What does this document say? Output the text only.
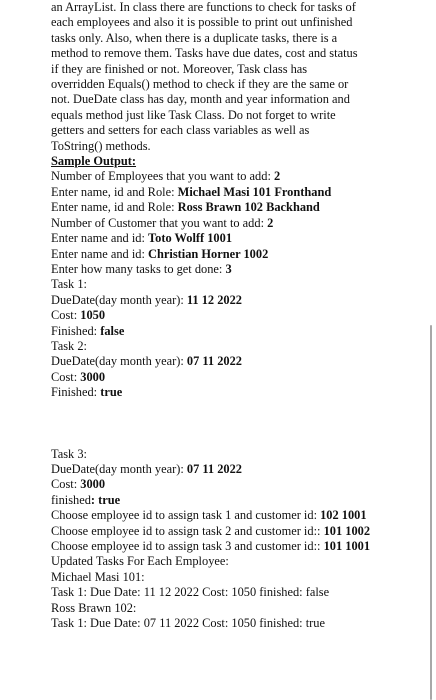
an ArrayList. In class there are functions to check for tasks of

each employees and also it is possible to print out unfinished

tasks only. Also, when there is a duplicate tasks, there is a

method to remove them. Tasks have due dates, cost and status

if they are finished or not. Moreover, Task class has

overridden Equals() method to check if they are the same or

not. DueDate class has day, month and year information and

equals method just like Task Class. Do not forget to write

getters and setters for each class variables as well as

ToString() methods.

Sample Output:
Number of Employees that you want to add: 2
Enter name, id and Role: Michael Masi 101 Fronthand
Enter name, id and Role: Ross Brawn 102 Backhand
Number of Customer that you want to add: 2
Enter name and id: Toto Wolff 1001
Enter name and id: Christian Horner 1002
Enter how many tasks to get done: 3
Task 1:
DueDate(day month year): 11 12 2022
Cost: 1050
Finished: false
Task 2:
DueDate(day month year): 07 11 2022
Cost: 3000
Finished: true
Task 3:
DueDate(day month year): 07 11 2022
Cost: 3000
finished: true
Choose employee id to assign task 1 and customer id: 102 1001
Choose employee id to assign task 2 and customer id:: 101 1002
Choose employee id to assign task 3 and customer id:: 101 1001
Updated Tasks For Each Employee:
Michael Masi 101:
Task 1: Due Date: 11 12 2022 Cost: 1050 finished: false
Ross Brawn 102:
Task 1: Due Date: 07 11 2022 Cost: 1050 finished: true
